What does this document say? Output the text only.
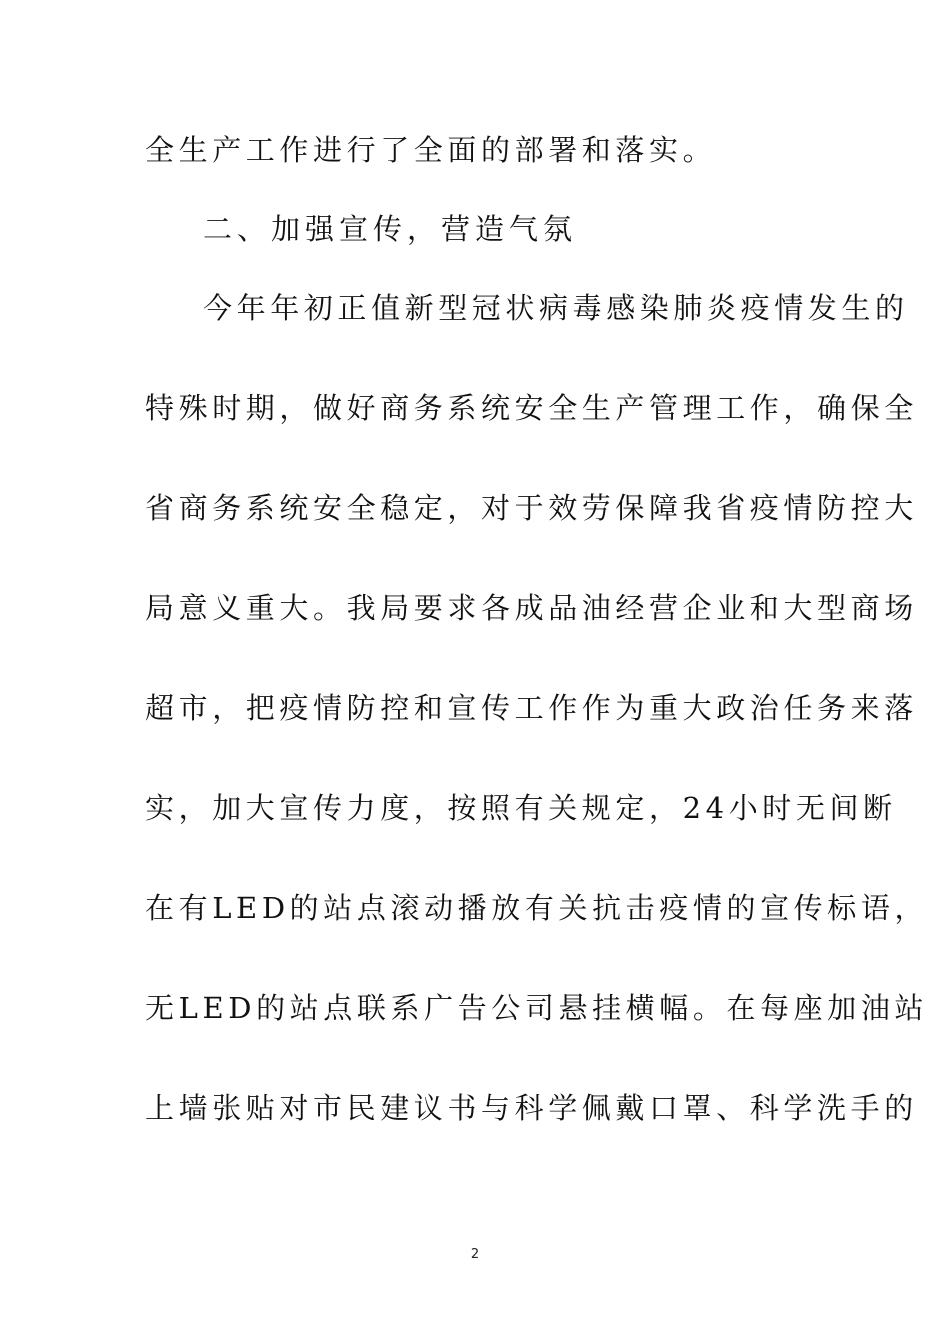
全生产工作进行了全面的部署和落实。
二、加强宣传，营造气氛
今年年初正值新型冠状病毒感染肺炎疫情发生的
特殊时期，做好商务系统安全生产管理工作，确保全
省商务系统安全稳定，对于效劳保障我省疫情防控大
局意义重大。我局要求各成品油经营企业和大型商场
超市，把疫情防控和宣传工作作为重大政治任务来落
实，加大宣传力度，按照有关规定，24小时无间断
在有LED的站点滚动播放有关抗击疫情的宣传标语，
无LED的站点联系广告公司悬挂横幅。在每座加油站
上墙张贴对市民建议书与科学佩戴口罩、科学洗手的
2
